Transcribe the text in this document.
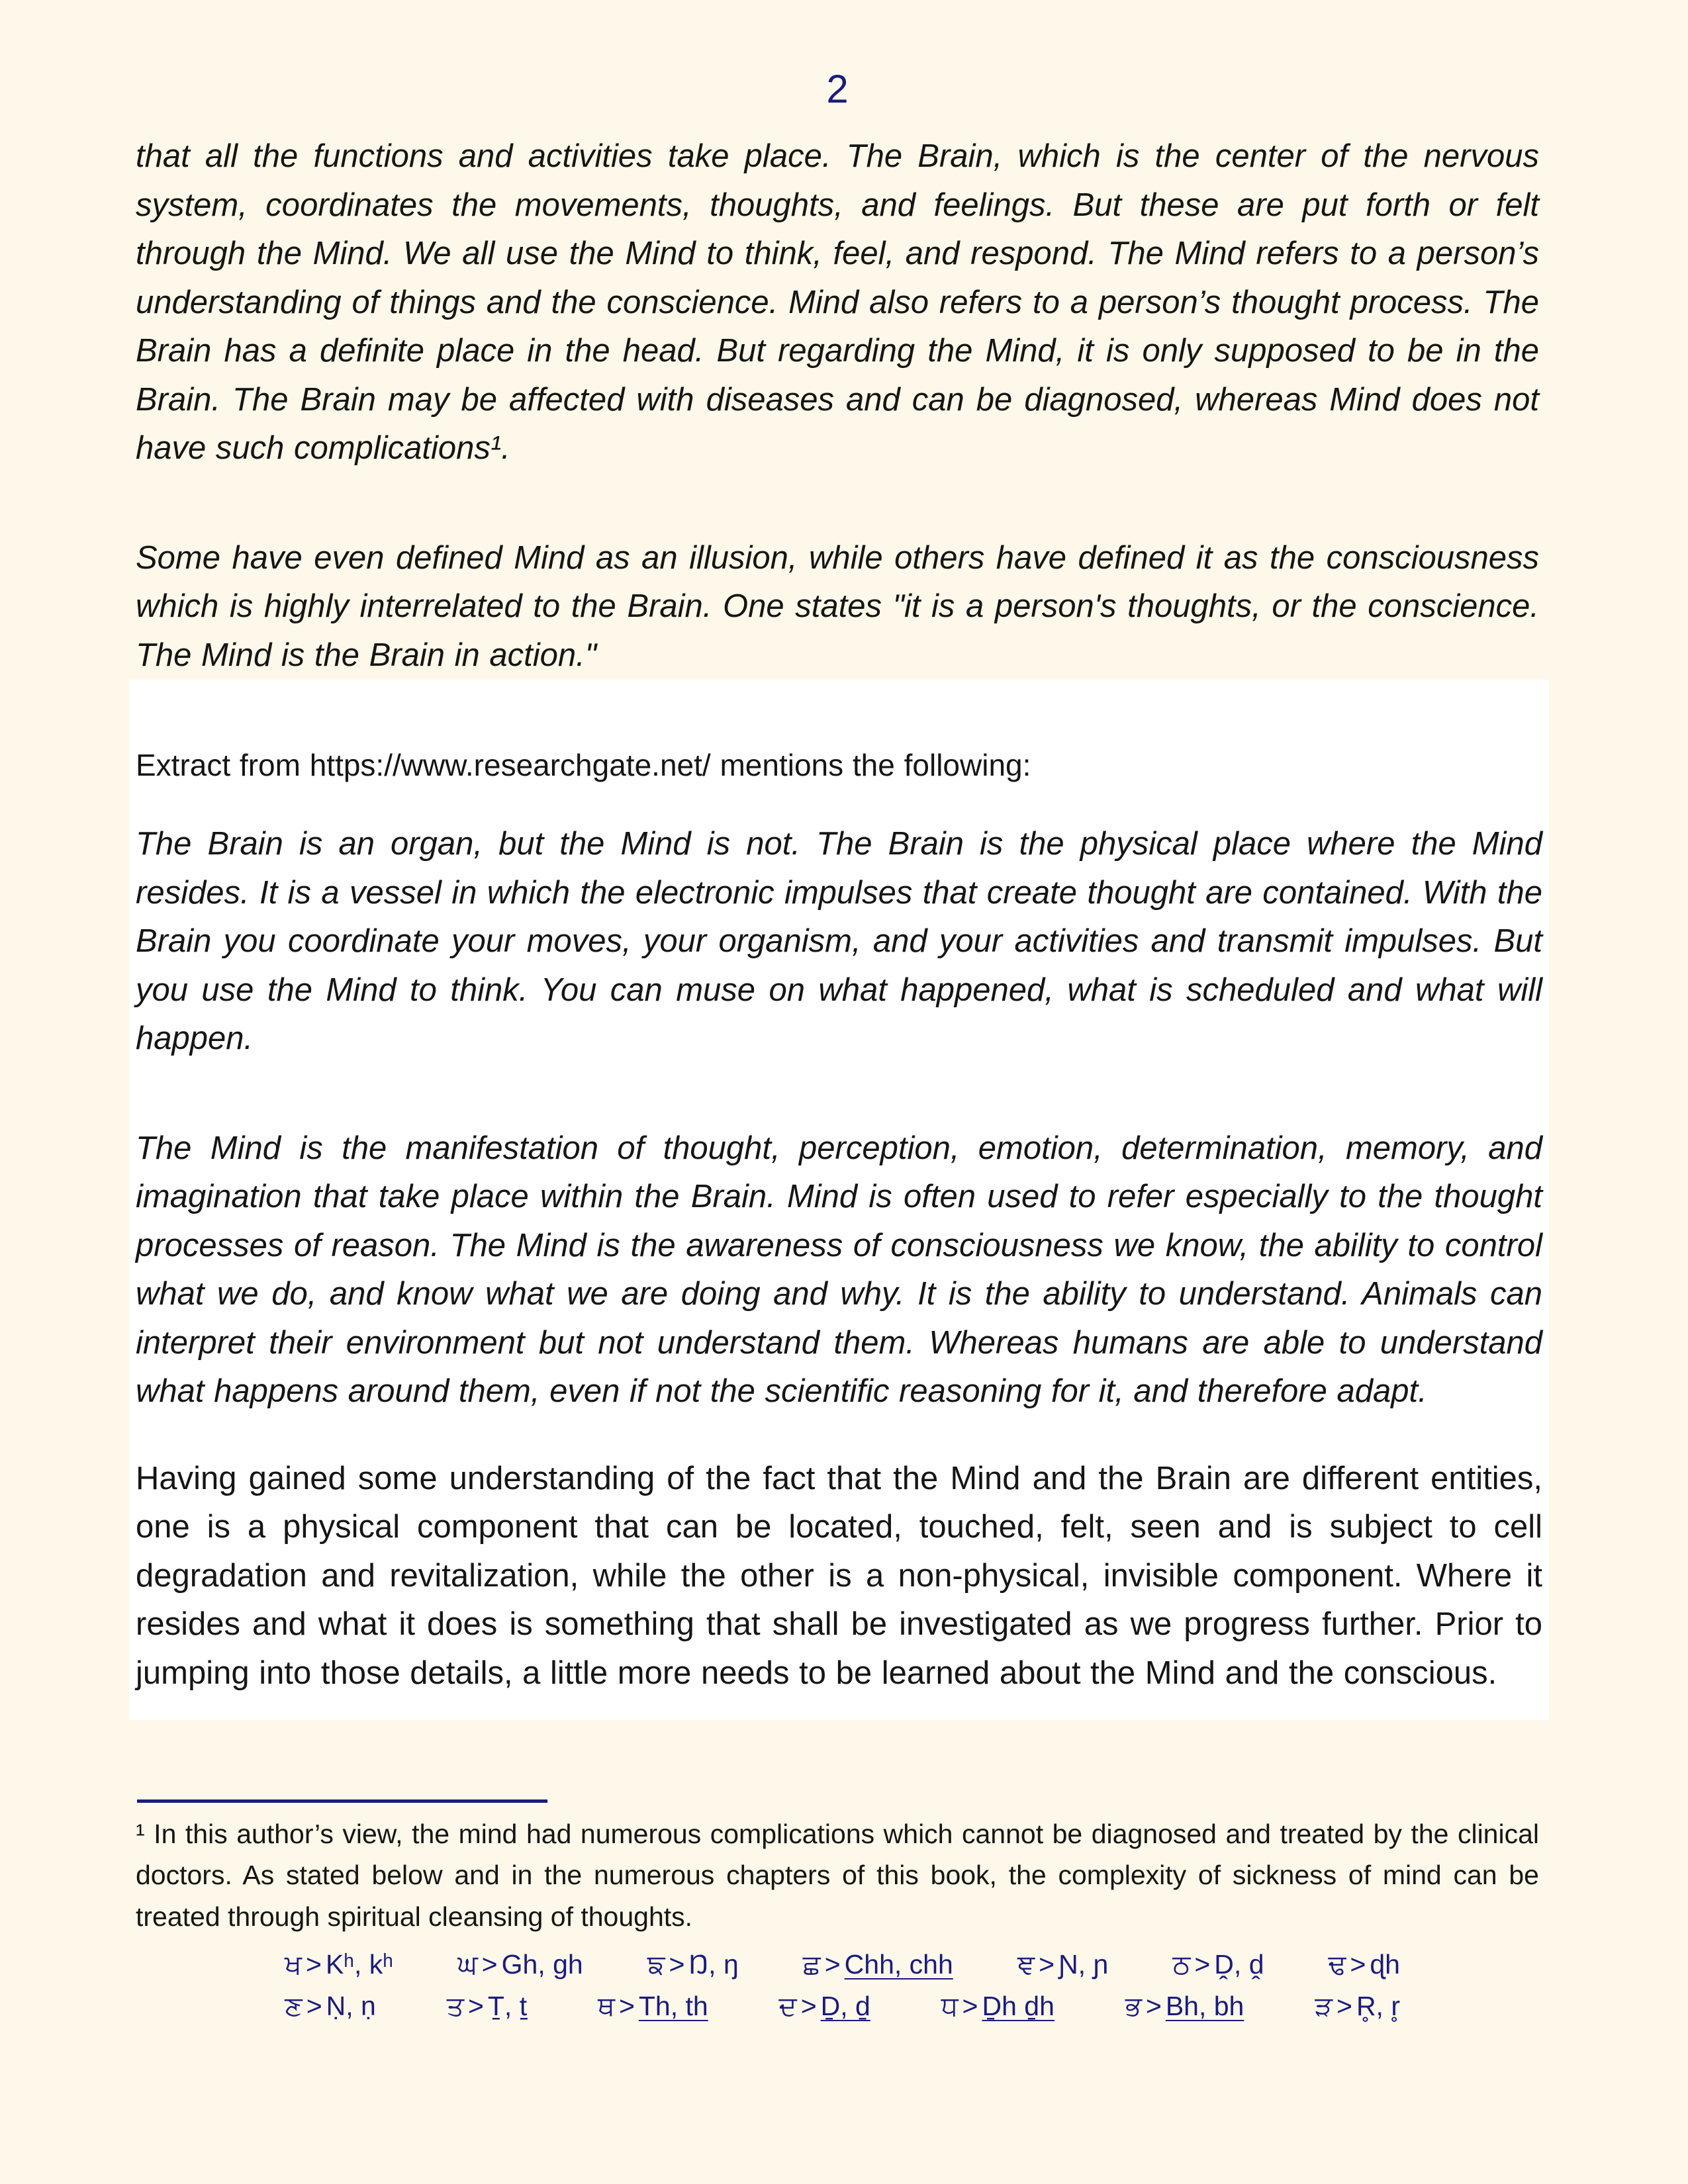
2

that all the functions and activities take place. The Brain, which is the center of the nervous system, coordinates the movements, thoughts, and feelings. But these are put forth or felt through the Mind. We all use the Mind to think, feel, and respond. The Mind refers to a person’s understanding of things and the conscience. Mind also refers to a person’s thought process. The Brain has a definite place in the head. But regarding the Mind, it is only supposed to be in the Brain. The Brain may be affected with diseases and can be diagnosed, whereas Mind does not have such complications¹.

Some have even defined Mind as an illusion, while others have defined it as the consciousness which is highly interrelated to the Brain. One states "it is a person's thoughts, or the conscience. The Mind is the Brain in action."

Extract from https://www.researchgate.net/ mentions the following:

The Brain is an organ, but the Mind is not. The Brain is the physical place where the Mind resides. It is a vessel in which the electronic impulses that create thought are contained. With the Brain you coordinate your moves, your organism, and your activities and transmit impulses. But you use the Mind to think. You can muse on what happened, what is scheduled and what will happen.

The Mind is the manifestation of thought, perception, emotion, determination, memory, and imagination that take place within the Brain. Mind is often used to refer especially to the thought processes of reason. The Mind is the awareness of consciousness we know, the ability to control what we do, and know what we are doing and why. It is the ability to understand. Animals can interpret their environment but not understand them. Whereas humans are able to understand what happens around them, even if not the scientific reasoning for it, and therefore adapt.

Having gained some understanding of the fact that the Mind and the Brain are different entities, one is a physical component that can be located, touched, felt, seen and is subject to cell degradation and revitalization, while the other is a non-physical, invisible component. Where it resides and what it does is something that shall be investigated as we progress further. Prior to jumping into those details, a little more needs to be learned about the Mind and the conscious.

¹ In this author’s view, the mind had numerous complications which cannot be diagnosed and treated by the clinical doctors. As stated below and in the numerous chapters of this book, the complexity of sickness of mind can be treated through spiritual cleansing of thoughts.

ਖ > Kʰ, kʰ ਘ > Gh, gh ਙ > Ŋ, ŋ ਛ > Chh, chh ਞ > Ɲ, ɲ ਠ > Ḓ, ḓ ਢ > ɖh
ਣ > Ṇ, ṇ	ਤ > Ṯ, ṯ	ਥ > Th, th	ਦ > Ḏ, ḏ	ਧ > Ḏh ḏh	ਭ > Bh, bh	ੜ > R̥, r̥
